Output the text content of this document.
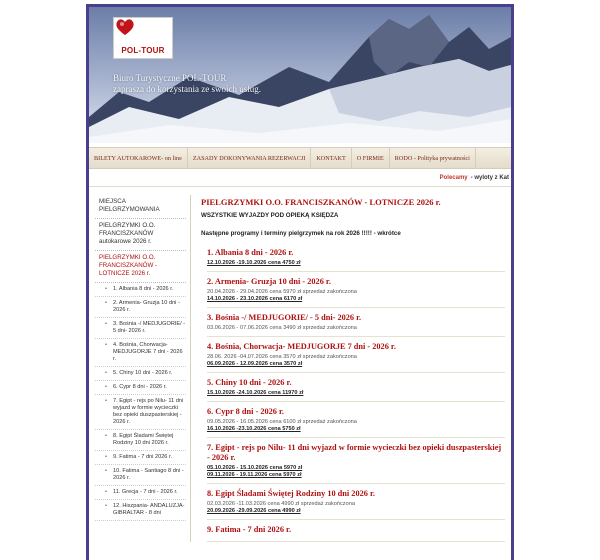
POL-TOUR
Biuro Turystyczne POL-TOUR
zaprasza do korzystania ze swoich usług.
BILETY AUTOKAROWE- on line	ZASADY DOKONYWANIA REZERWACJI	KONTAKT	O FIRMIE	RODO - Polityka prywatności
Polecamy - wyloty z Kat
MIEJSCA PIELGRZYMOWANIA
PIELGRZYMKI O.O. FRANCISZKANÓW autokarowe 2026 r.
PIELGRZYMKI O.O. FRANCISZKANÓW - LOTNICZE 2026 r.
• 1. Albania 8 dni - 2026 r.
• 2. Armenia- Gruzja 10 dni - 2026 r.
• 3. Bośnia -/ MEDJUGORIE/ - 5 dni- 2026 r.
• 4. Bośnia, Chorwacja- MEDJUGORJE 7 dni - 2026 r.
• 5. Chiny 10 dni - 2026 r.
• 6. Cypr 8 dni - 2026 r.
• 7. Egipt - rejs po Nilu- 11 dni wyjazd w formie wycieczki bez opieki duszpasterskiej - 2026 r.
• 8. Egipt Śladami Świętej Rodziny 10 dni 2026 r.
• 9. Fatima - 7 dni 2026 r.
• 10. Fatima - Santiago 8 dni - 2026 r.
• 11. Grecja - 7 dni - 2026 r.
• 12. Hiszpania- ANDALUZJA- GIBRALTAR - 8 dni
PIELGRZYMKI O.O. FRANCISZKANÓW - LOTNICZE 2026 r.
WSZYSTKIE WYJAZDY POD OPIEKĄ KSIĘDZA
Następne programy i terminy pielgrzymek na rok 2026 !!!!! - wkrótce
1. Albania 8 dni - 2026 r.
12.10.2026 -19.10.2026 cena 4750 zł
2. Armenia- Gruzja 10 dni - 2026 r.
20.04.2026 - 29.04.2026 cena 5970 zł sprzedaż zakończona
14.10.2026 - 23.10.2026 cena 6170 zł
3. Bośnia -/ MEDJUGORIE/ - 5 dni- 2026 r.
03.06.2026 - 07.06.2026 cena 3490 zł sprzedaż zakończona
4. Bośnia, Chorwacja- MEDJUGORJE 7 dni - 2026 r.
28.06. 2026 -04.07.2026 cena 3570 zł sprzedaż zakończona
06.09.2026 - 12.09.2026 cena 3570 zł
5. Chiny 10 dni - 2026 r.
15.10.2026 -24.10.2026 cena 11970 zł
6. Cypr 8 dni - 2026 r.
09.05.2026 - 16.05.2026 cena 6100 zł sprzedaż zakończona
16.10.2026 -23.10.2026 cena 5750 zł
7. Egipt - rejs po Nilu- 11 dni wyjazd w formie wycieczki bez opieki duszpasterskiej - 2026 r.
05.10.2026 - 15.10.2026 cena 5970 zł
09.11.2026 - 19.11.2026 cena 5970 zł
8. Egipt Śladami Świętej Rodziny 10 dni 2026 r.
02.03.2026 -11.03.2026 cena 4990 zł sprzedaż zakończona
20.09.2026 -29.09.2026 cena 4990 zł
9. Fatima - 7 dni 2026 r.
